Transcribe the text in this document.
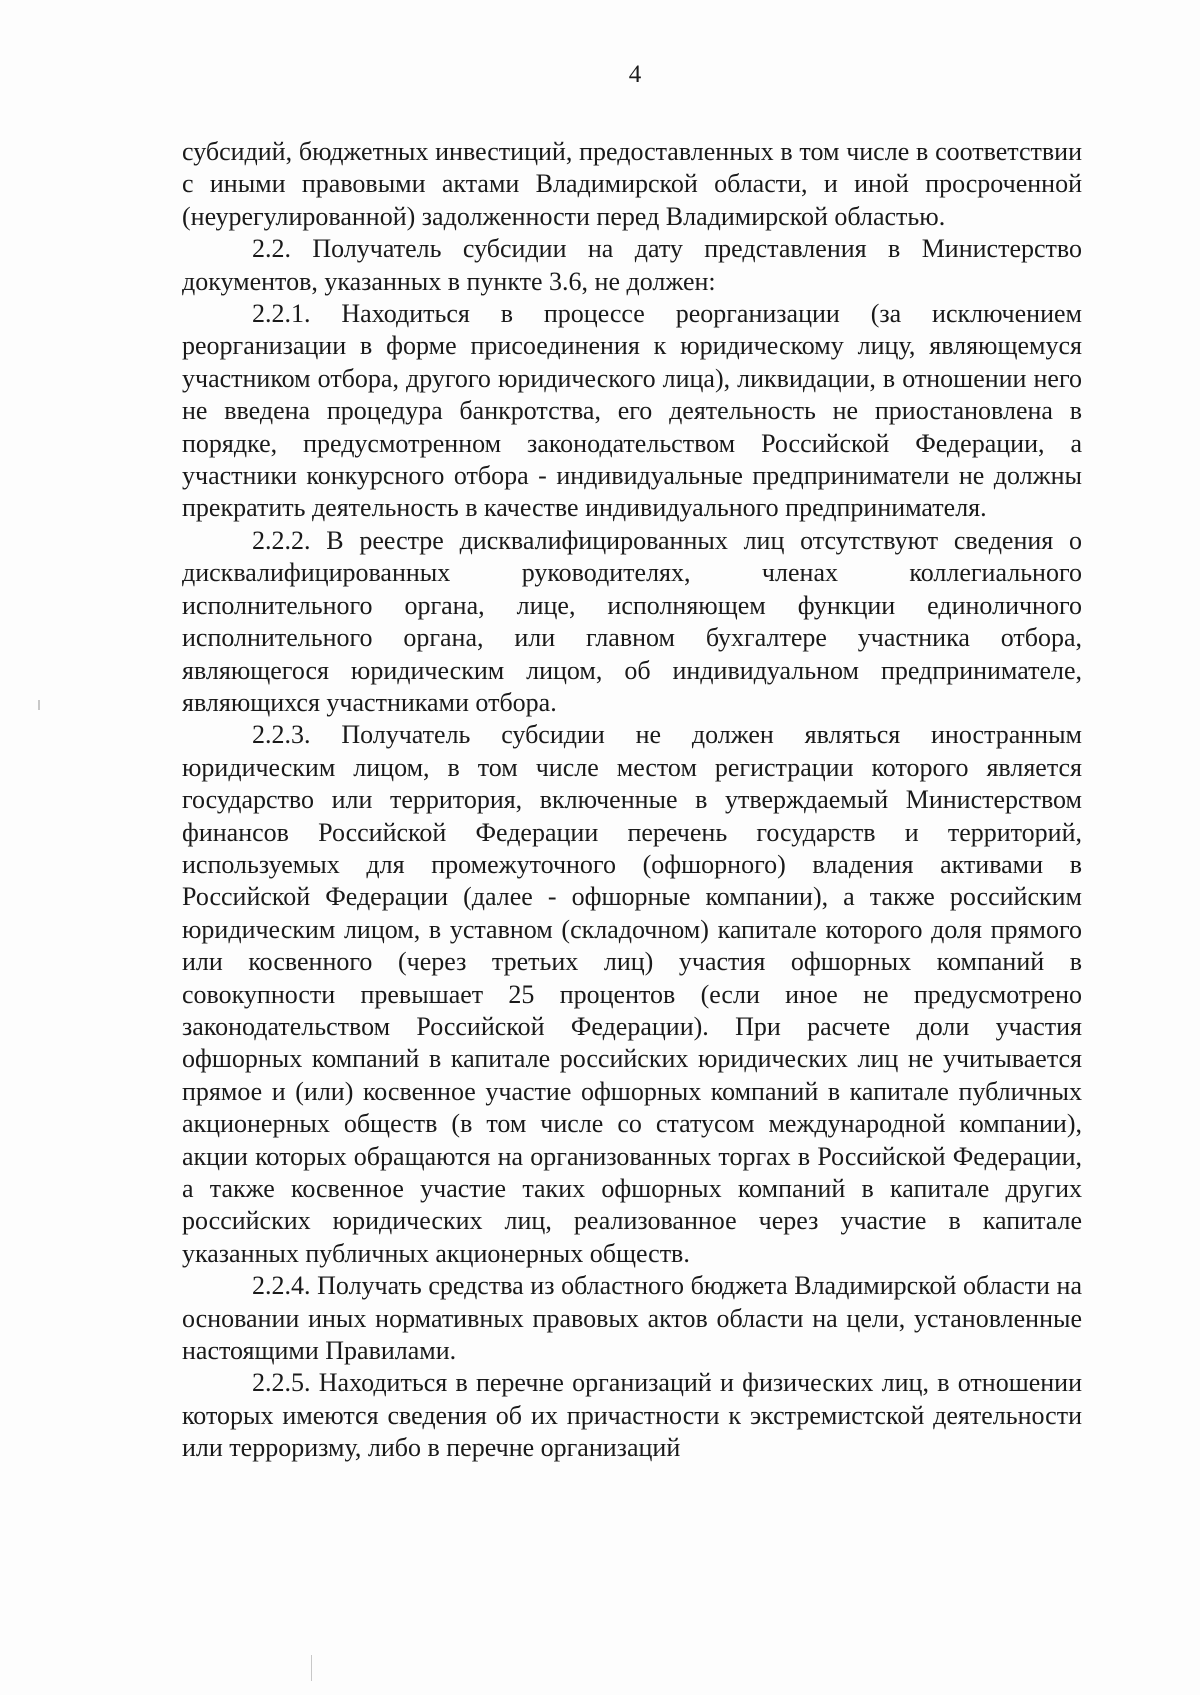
4

субсидий, бюджетных инвестиций, предоставленных в том числе в соответствии с иными правовыми актами Владимирской области, и иной просроченной (неурегулированной) задолженности перед Владимирской областью.

2.2. Получатель субсидии на дату представления в Министерство документов, указанных в пункте 3.6, не должен:

2.2.1. Находиться в процессе реорганизации (за исключением реорганизации в форме присоединения к юридическому лицу, являющемуся участником отбора, другого юридического лица), ликвидации, в отношении него не введена процедура банкротства, его деятельность не приостановлена в порядке, предусмотренном законодательством Российской Федерации, а участники конкурсного отбора - индивидуальные предприниматели не должны прекратить деятельность в качестве индивидуального предпринимателя.

2.2.2. В реестре дисквалифицированных лиц отсутствуют сведения о дисквалифицированных руководителях, членах коллегиального исполнительного органа, лице, исполняющем функции единоличного исполнительного органа, или главном бухгалтере участника отбора, являющегося юридическим лицом, об индивидуальном предпринимателе, являющихся участниками отбора.

2.2.3. Получатель субсидии не должен являться иностранным юридическим лицом, в том числе местом регистрации которого является государство или территория, включенные в утверждаемый Министерством финансов Российской Федерации перечень государств и территорий, используемых для промежуточного (офшорного) владения активами в Российской Федерации (далее - офшорные компании), а также российским юридическим лицом, в уставном (складочном) капитале которого доля прямого или косвенного (через третьих лиц) участия офшорных компаний в совокупности превышает 25 процентов (если иное не предусмотрено законодательством Российской Федерации). При расчете доли участия офшорных компаний в капитале российских юридических лиц не учитывается прямое и (или) косвенное участие офшорных компаний в капитале публичных акционерных обществ (в том числе со статусом международной компании), акции которых обращаются на организованных торгах в Российской Федерации, а также косвенное участие таких офшорных компаний в капитале других российских юридических лиц, реализованное через участие в капитале указанных публичных акционерных обществ.

2.2.4. Получать средства из областного бюджета Владимирской области на основании иных нормативных правовых актов области на цели, установленные настоящими Правилами.

2.2.5. Находиться в перечне организаций и физических лиц, в отношении которых имеются сведения об их причастности к экстремистской деятельности или терроризму, либо в перечне организаций
